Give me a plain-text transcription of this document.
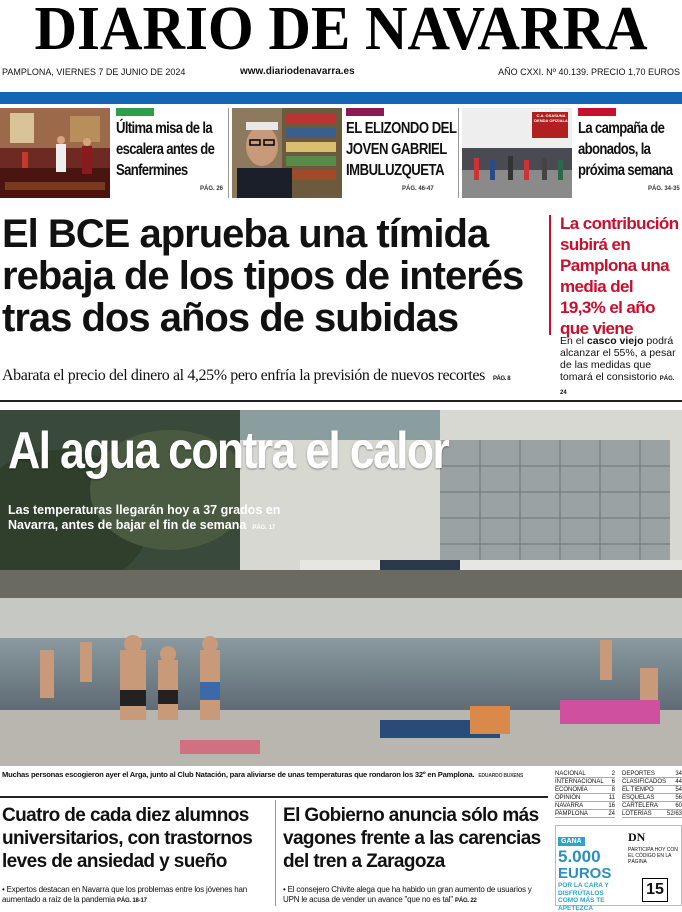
DIARIO DE NAVARRA
PAMPLONA, VIERNES 7 DE JUNIO DE 2024	www.diariodenavarra.es	AÑO CXXI. Nº 40.139. PRECIO 1,70 EUROS
Última misa de la escalera antes de Sanfermines
PÁG. 26
EL ELIZONDO DEL JOVEN GABRIEL IMBULUZQUETA
PÁG. 46-47
TIENDA OFICIAL
C.A. OSASUNA
DENDA OFIZIALA La campaña de abonados, la próxima semana
PÁG. 34-35
El BCE aprueba una tímida rebaja de los tipos de interés tras dos años de subidas
Abarata el precio del dinero al 4,25% pero enfría la previsión de nuevos recortes PÁG. 8
La contribución subirá en Pamplona una media del 19,3% el año que viene
En el casco viejo podrá alcanzar el 55%, a pesar de las medidas que tomará el consistorio PÁG. 24
Al agua contra el calor
Las temperaturas llegarán hoy a 37 grados en Navarra, antes de bajar el fin de semana PÁG. 17
Muchas personas escogieron ayer el Arga, junto al Club Natación, para aliviarse de unas temperaturas que rondaron los 32º en Pamplona. EDUARDO BUXENS	NACIONAL	2
INTERNACIONAL 6
ECONOMÍA	8
OPINIÓN	11
NAVARRA	16
PAMPLONA	24
DEPORTES	34
CLASIFICADOS 44
EL TIEMPO	54
ESQUELAS	56
CARTELERA	60
LOTERÍAS	52/63
Cuatro de cada diez alumnos universitarios, con trastornos leves de ansiedad y sueño
• Expertos destacan en Navarra que los problemas entre los jóvenes han aumentado a raíz de la pandemia PÁG. 18-17
El Gobierno anuncia sólo más vagones frente a las carencias del tren a Zaragoza
• El consejero Chivite alega que ha habido un gran aumento de usuarios y UPN le acusa de vender un avance "que no es tal" PÁG. 22
GANA
5.000
EUROS
POR LA CARA Y DISFRÚTALOS COMO MÁS TE APETEZCA
DN
PARTICIPA HOY CON EL CÓDIGO EN LA PÁGINA
15
